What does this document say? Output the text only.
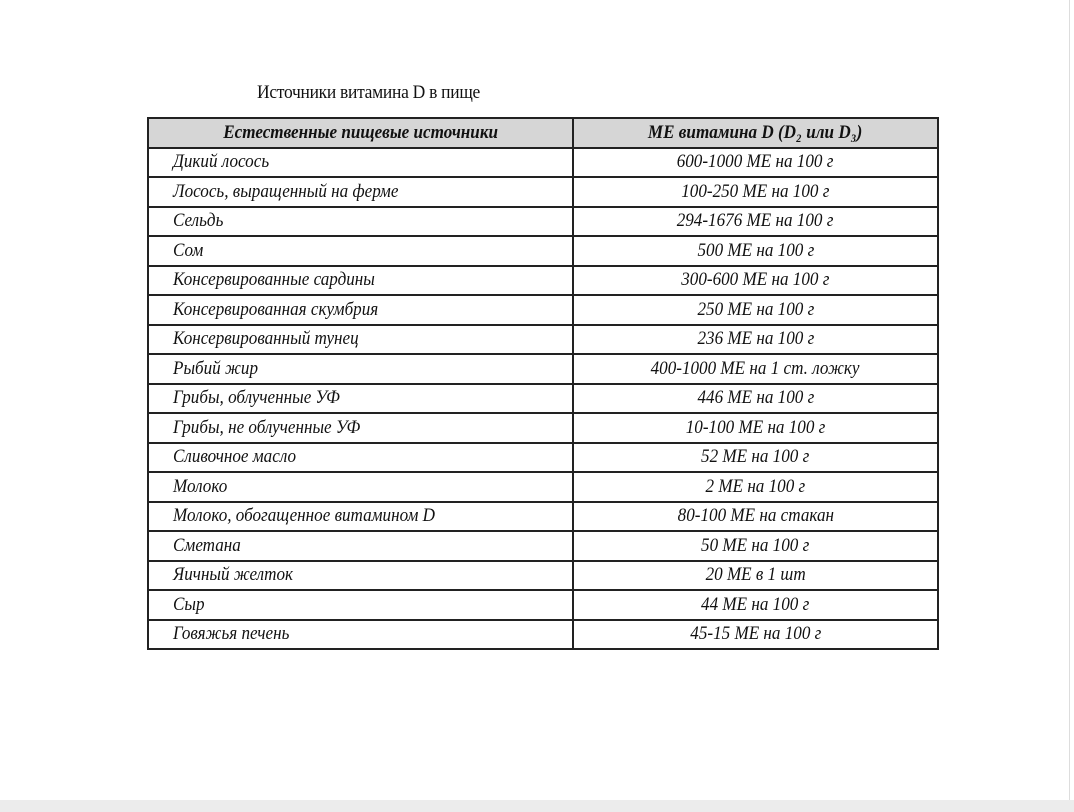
Источники витамина D в пище
Естественные пищевые источники	МЕ витамина D (D₂ или D₃)
Дикий лосось	600-1000 МЕ на 100 г
Лосось, выращенный на ферме	100-250 МЕ на 100 г
Сельдь	294-1676 МЕ на 100 г
Сом	500 МЕ на 100 г
Консервированные сардины	300-600 МЕ на 100 г
Консервированная скумбрия	250 МЕ на 100 г
Консервированный тунец	236 МЕ на 100 г
Рыбий жир	400-1000 МЕ на 1 ст. ложку
Грибы, облученные УФ	446 МЕ на 100 г
Грибы, не облученные УФ	10-100 МЕ на 100 г
Сливочное масло	52 МЕ на 100 г
Молоко	2 МЕ на 100 г
Молоко, обогащенное витамином D	80-100 МЕ на стакан
Сметана	50 МЕ на 100 г
Яичный желток	20 МЕ в 1 шт
Сыр	44 МЕ на 100 г
Говяжья печень	45-15 МЕ на 100 г
